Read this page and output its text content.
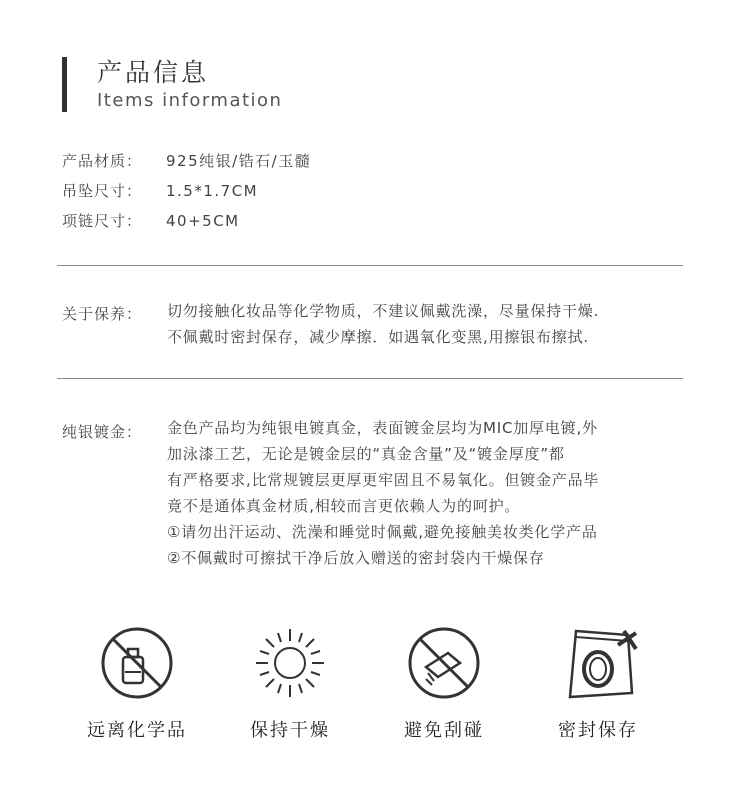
产品信息
Items information
产品材质： 925纯银/锆石/玉髓
吊坠尺寸： 1.5*1.7CM
项链尺寸： 40+5CM
关于保养： 切勿接触化妆品等化学物质，不建议佩戴洗澡，尽量保持干燥.
不佩戴时密封保存，减少摩擦．如遇氧化变黑,用擦银布擦拭.
纯银镀金： 金色产品均为纯银电镀真金，表面镀金层均为MIC加厚电镀,外
加泳漆工艺，无论是镀金层的“真金含量”及“镀金厚度”都
有严格要求,比常规镀层更厚更牢固且不易氧化。但镀金产品毕
竟不是通体真金材质,相较而言更依赖人为的呵护。
①请勿出汗运动、洗澡和睡觉时佩戴,避免接触美妆类化学产品
②不佩戴时可擦拭干净后放入赠送的密封袋内干燥保存
远离化学品	保持干燥	避免刮碰	密封保存
